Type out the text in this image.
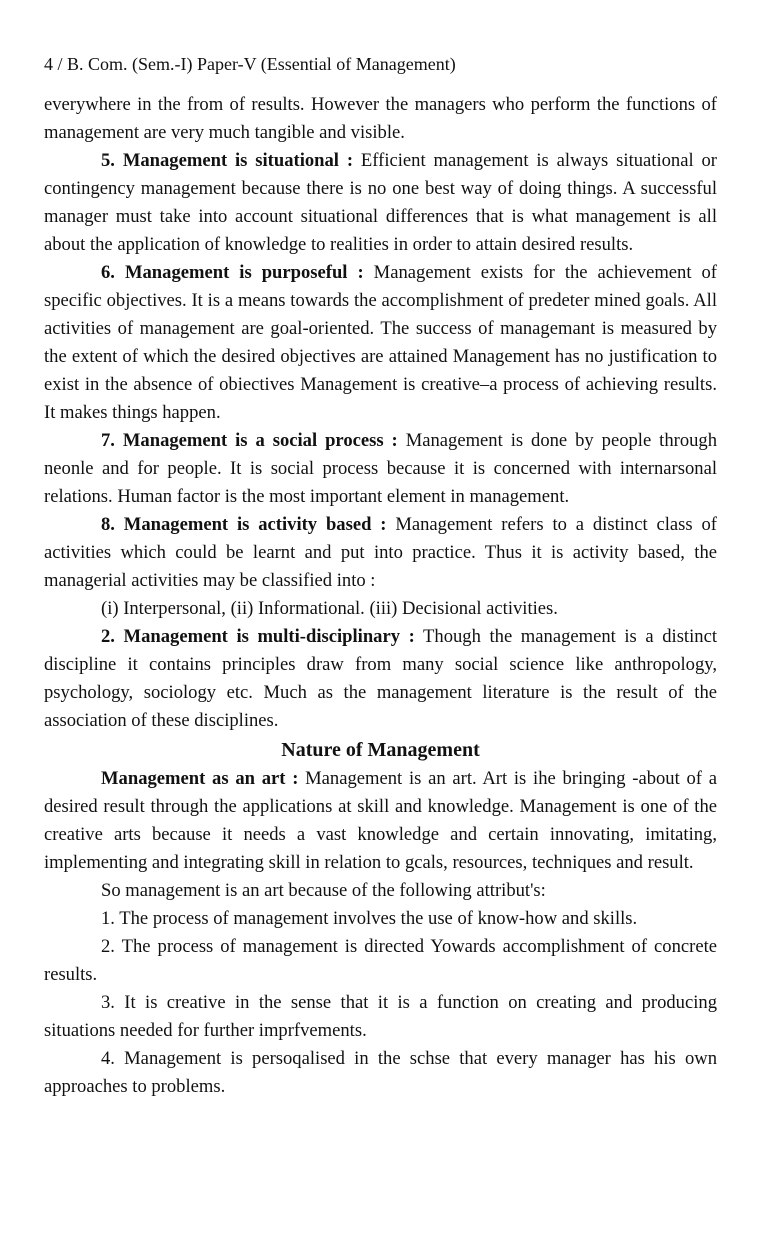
4 / B. Com. (Sem.-I) Paper-V (Essential of Management)

everywhere in the from of results. However the managers who perform the functions of management are very much tangible and visible.

5. Management is situational : Efficient management is always situational or contingency management because there is no one best way of doing things. A successful manager must take into account situational differences that is what management is all about the application of knowledge to realities in order to attain desired results.

6. Management is purposeful : Management exists for the achievement of specific objectives. It is a means towards the accomplishment of predeter mined goals. All activities of management are goal-oriented. The success of managemant is measured by the extent of which the desired objectives are attained Management has no justification to exist in the absence of obiectives Management is creative–a process of achieving results. It makes things happen.

7. Management is a social process : Management is done by people through neonle and for people. It is social process because it is concerned with internarsonal relations. Human factor is the most important element in management.

8. Management is activity based : Management refers to a distinct class of activities which could be learnt and put into practice. Thus it is activity based, the managerial activities may be classified into :

(i) Interpersonal, (ii) Informational. (iii) Decisional activities.

2. Management is multi-disciplinary : Though the management is a distinct discipline it contains principles draw from many social science like anthropology, psychology, sociology etc. Much as the management literature is the result of the association of these disciplines.

Nature of Management

Management as an art : Management is an art. Art is ihe bringing -about of a desired result through the applications at skill and knowledge. Management is one of the creative arts because it needs a vast knowledge and certain innovating, imitating, implementing and integrating skill in relation to gcals, resources, techniques and result.

So management is an art because of the following attribut's:

1. The process of management involves the use of know-how and skills.

2. The process of management is directed Yowards accomplishment of concrete results.

3. It is creative in the sense that it is a function on creating and producing situations needed for further imprfvements.

4. Management is persoqalised in the schse that every manager has his own approaches to problems.
